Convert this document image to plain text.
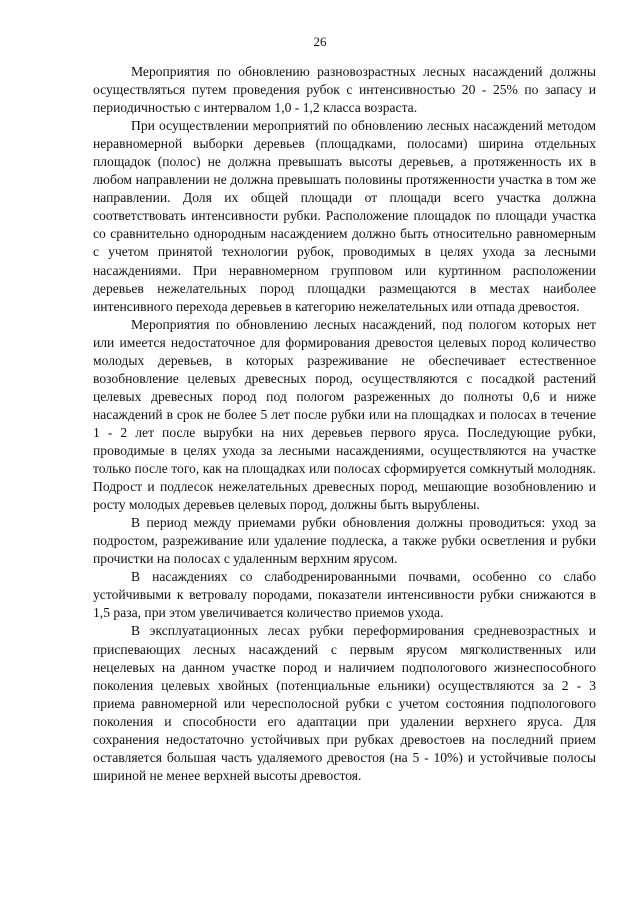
26

Мероприятия по обновлению разновозрастных лесных насаждений должны осуществляться путем проведения рубок с интенсивностью 20 - 25% по запасу и периодичностью с интервалом 1,0 - 1,2 класса возраста.

При осуществлении мероприятий по обновлению лесных насаждений методом неравномерной выборки деревьев (площадками, полосами) ширина отдельных площадок (полос) не должна превышать высоты деревьев, а протяженность их в любом направлении не должна превышать половины протяженности участка в том же направлении. Доля их общей площади от площади всего участка должна соответствовать интенсивности рубки. Расположение площадок по площади участка со сравнительно однородным насаждением должно быть относительно равномерным с учетом принятой технологии рубок, проводимых в целях ухода за лесными насаждениями. При неравномерном групповом или куртинном расположении деревьев нежелательных пород площадки размещаются в местах наиболее интенсивного перехода деревьев в категорию нежелательных или отпада древостоя.

Мероприятия по обновлению лесных насаждений, под пологом которых нет или имеется недостаточное для формирования древостоя целевых пород количество молодых деревьев, в которых разреживание не обеспечивает естественное возобновление целевых древесных пород, осуществляются с посадкой растений целевых древесных пород под пологом разреженных до полноты 0,6 и ниже насаждений в срок не более 5 лет после рубки или на площадках и полосах в течение 1 - 2 лет после вырубки на них деревьев первого яруса. Последующие рубки, проводимые в целях ухода за лесными насаждениями, осуществляются на участке только после того, как на площадках или полосах сформируется сомкнутый молодняк. Подрост и подлесок нежелательных древесных пород, мешающие возобновлению и росту молодых деревьев целевых пород, должны быть вырублены.

В период между приемами рубки обновления должны проводиться: уход за подростом, разреживание или удаление подлеска, а также рубки осветления и рубки прочистки на полосах с удаленным верхним ярусом.

В насаждениях со слабодренированными почвами, особенно со слабо устойчивыми к ветровалу породами, показатели интенсивности рубки снижаются в 1,5 раза, при этом увеличивается количество приемов ухода.

В эксплуатационных лесах рубки переформирования средневозрастных и приспевающих лесных насаждений с первым ярусом мягколиственных или нецелевых на данном участке пород и наличием подпологового жизнеспособного поколения целевых хвойных (потенциальные ельники) осуществляются за 2 - 3 приема равномерной или чересполосной рубки с учетом состояния подпологового поколения и способности его адаптации при удалении верхнего яруса. Для сохранения недостаточно устойчивых при рубках древостоев на последний прием оставляется большая часть удаляемого древостоя (на 5 - 10%) и устойчивые полосы шириной не менее верхней высоты древостоя.
